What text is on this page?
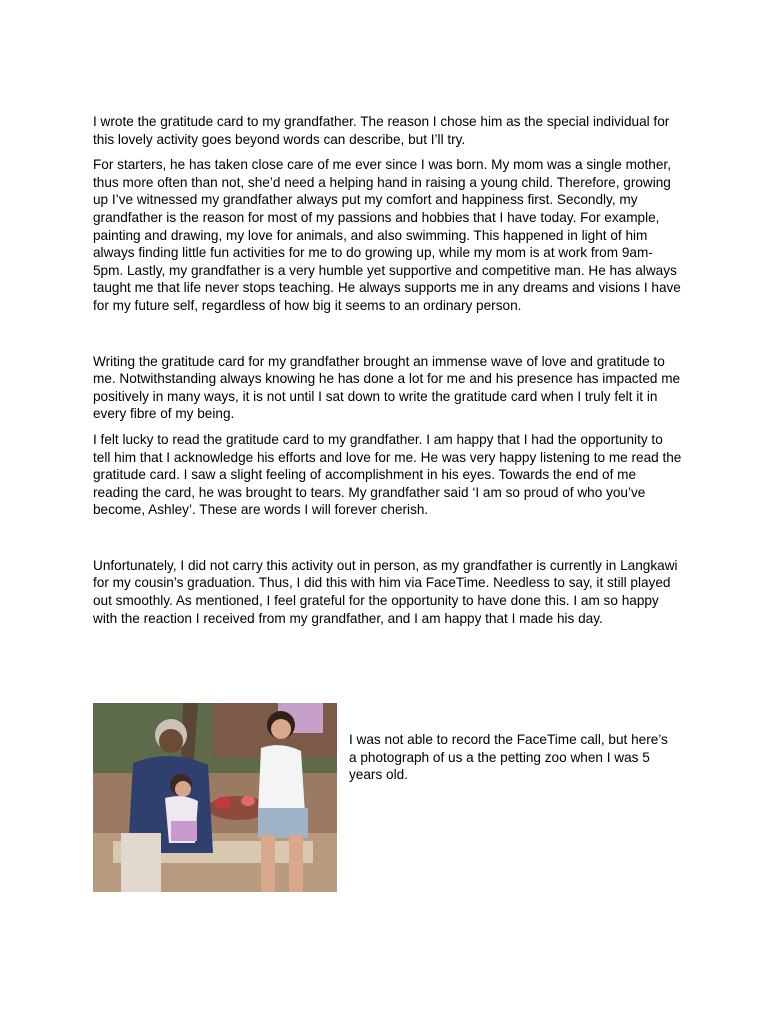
I wrote the gratitude card to my grandfather. The reason I chose him as the special individual for this lovely activity goes beyond words can describe, but I’ll try.

For starters, he has taken close care of me ever since I was born. My mom was a single mother, thus more often than not, she’d need a helping hand in raising a young child. Therefore, growing up I’ve witnessed my grandfather always put my comfort and happiness first. Secondly, my grandfather is the reason for most of my passions and hobbies that I have today. For example, painting and drawing, my love for animals, and also swimming. This happened in light of him always finding little fun activities for me to do growing up, while my mom is at work from 9am-5pm. Lastly, my grandfather is a very humble yet supportive and competitive man. He has always taught me that life never stops teaching. He always supports me in any dreams and visions I have for my future self, regardless of how big it seems to an ordinary person.

Writing the gratitude card for my grandfather brought an immense wave of love and gratitude to me. Notwithstanding always knowing he has done a lot for me and his presence has impacted me positively in many ways, it is not until I sat down to write the gratitude card when I truly felt it in every fibre of my being.

I felt lucky to read the gratitude card to my grandfather. I am happy that I had the opportunity to tell him that I acknowledge his efforts and love for me. He was very happy listening to me read the gratitude card. I saw a slight feeling of accomplishment in his eyes. Towards the end of me reading the card, he was brought to tears. My grandfather said ‘I am so proud of who you’ve become, Ashley’. These are words I will forever cherish.

Unfortunately, I did not carry this activity out in person, as my grandfather is currently in Langkawi for my cousin’s graduation. Thus, I did this with him via FaceTime. Needless to say, it still played out smoothly. As mentioned, I feel grateful for the opportunity to have done this. I am so happy with the reaction I received from my grandfather, and I am happy that I made his day.

I was not able to record the FaceTime call, but here’s a photograph of us a the petting zoo when I was 5 years old.
